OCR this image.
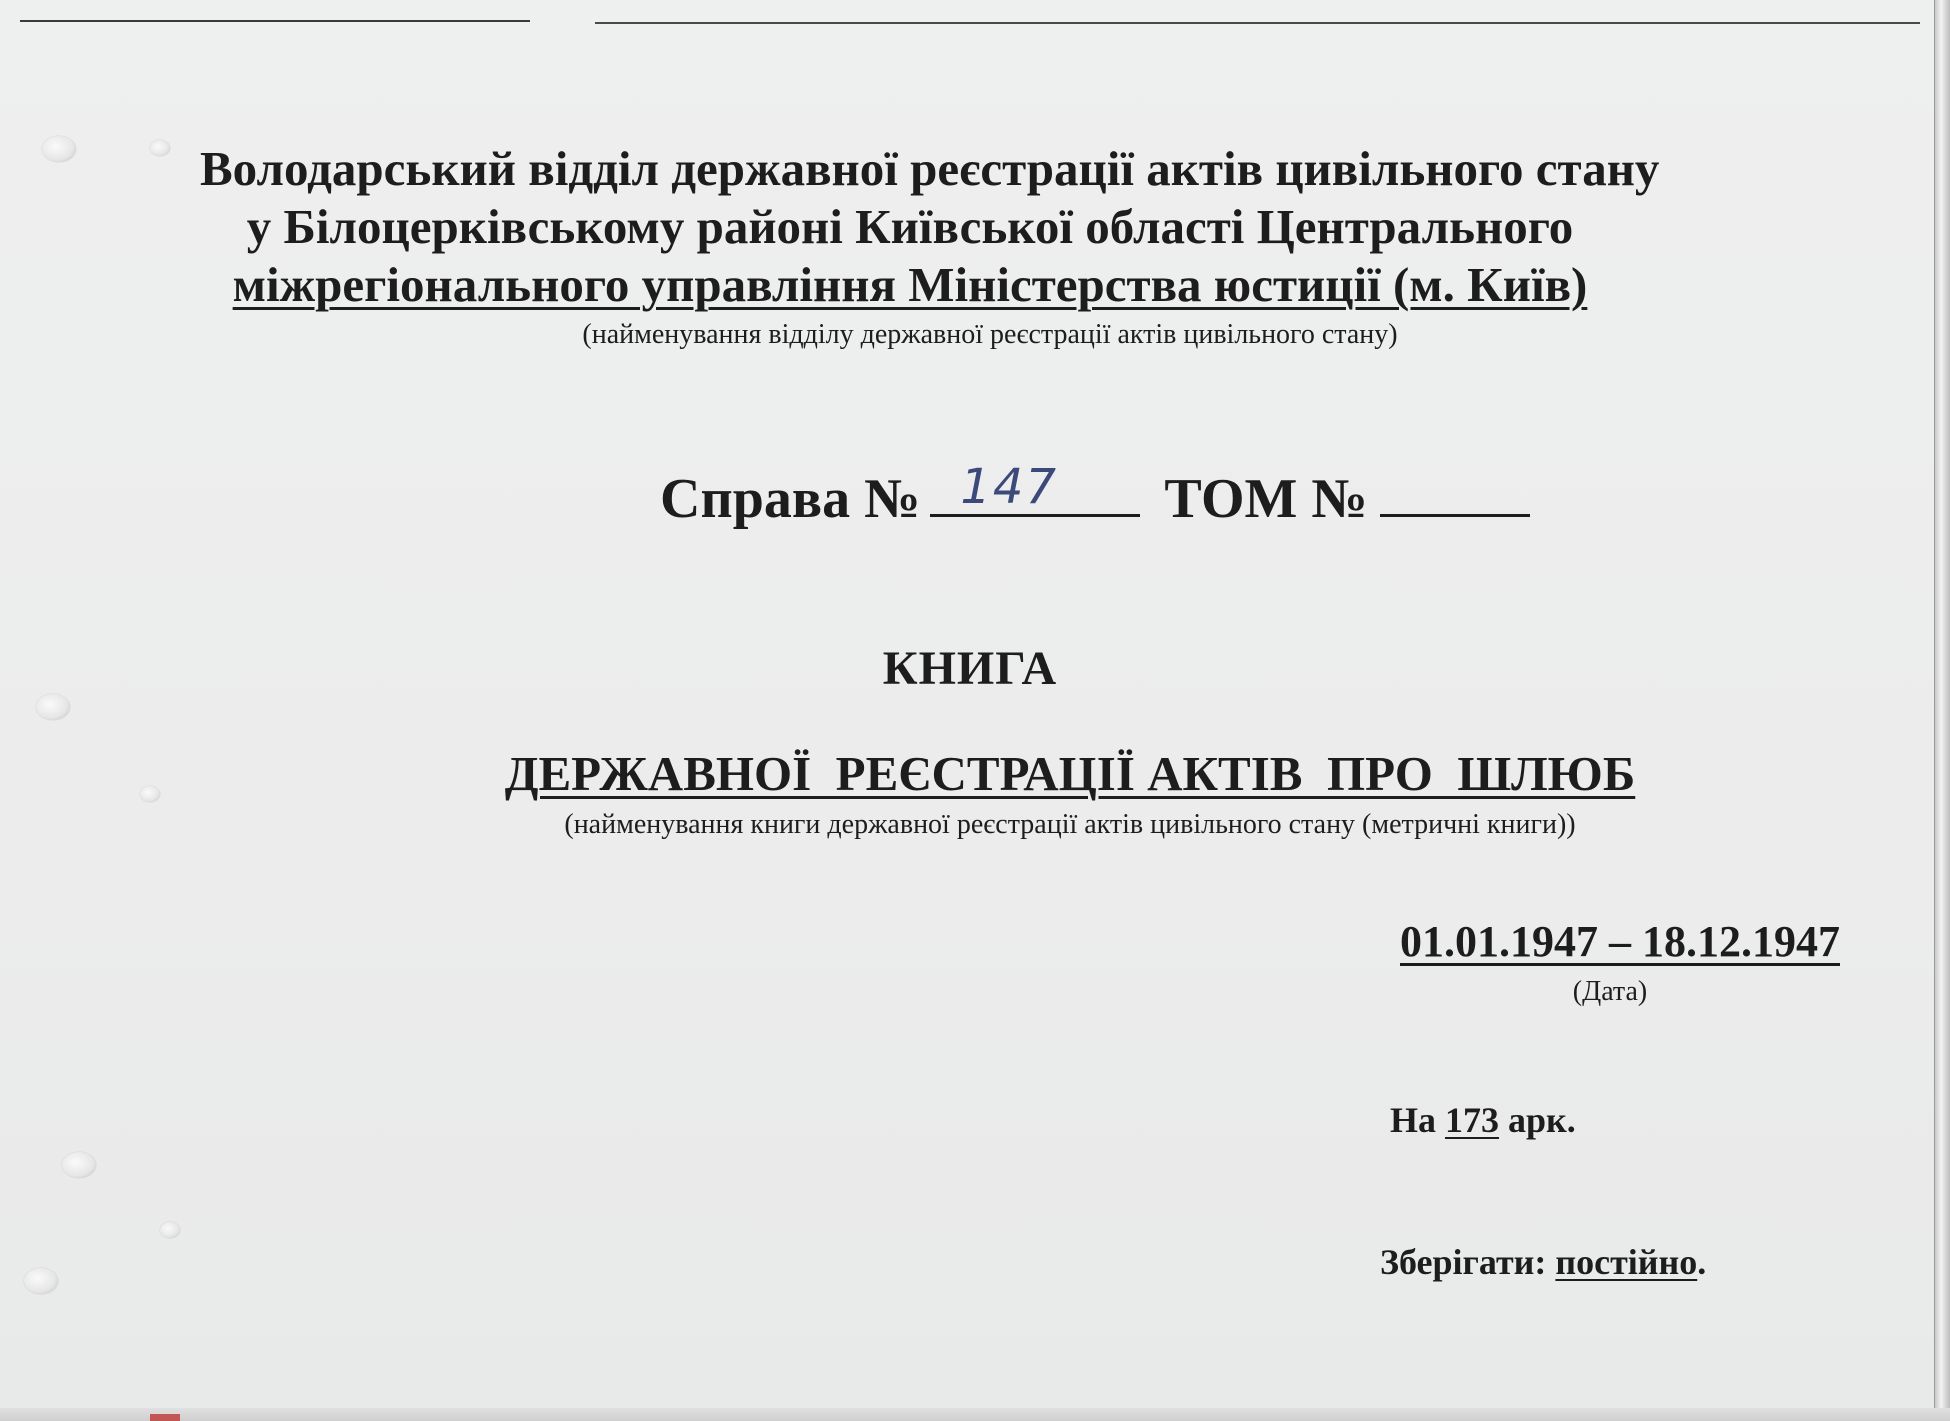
Володарський відділ державної реєстрації актів цивільного стану
у Білоцерківському районі Київської області Центрального
міжрегіонального управління Міністерства юстиції (м. Київ)
(найменування відділу державної реєстрації актів цивільного стану)
Справа № 147 ТОМ №
КНИГА
ДЕРЖАВНОЇ  РЕЄСТРАЦІЇ АКТІВ  ПРО  ШЛЮБ
(найменування книги державної реєстрації актів цивільного стану (метричні книги))
01.01.1947 – 18.12.1947
(Дата)
На 173 арк.
Зберігати: постійно.
